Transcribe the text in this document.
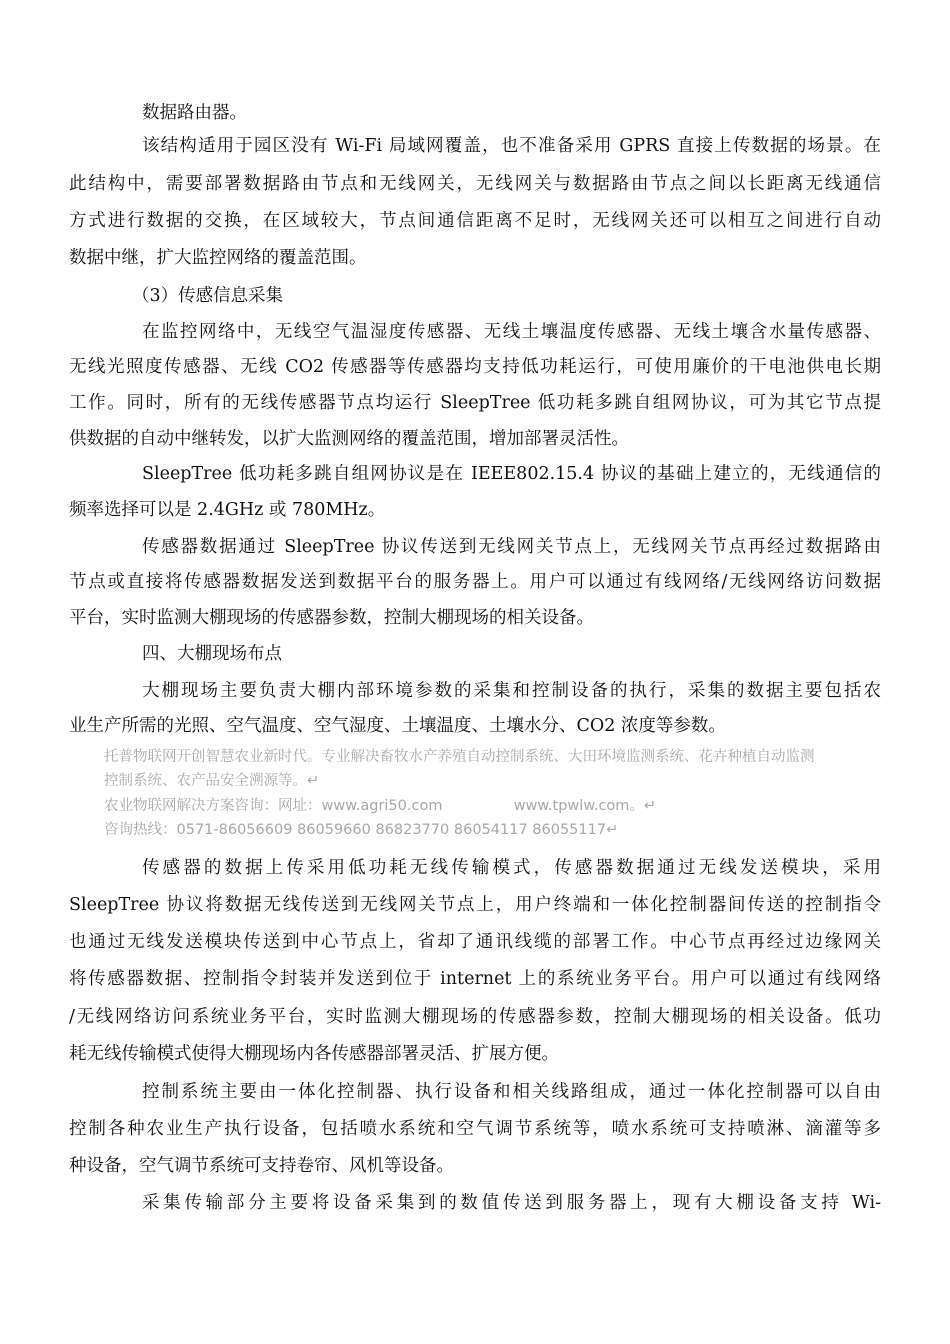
数据路由器。
该结构适用于园区没有 Wi-Fi 局域网覆盖，也不准备采用 GPRS 直接上传数据的场景。在
此结构中，需要部署数据路由节点和无线网关，无线网关与数据路由节点之间以长距离无线通信
方式进行数据的交换，在区域较大，节点间通信距离不足时，无线网关还可以相互之间进行自动
数据中继，扩大监控网络的覆盖范围。
（3）传感信息采集
在监控网络中，无线空气温湿度传感器、无线土壤温度传感器、无线土壤含水量传感器、
无线光照度传感器、无线 CO2 传感器等传感器均支持低功耗运行，可使用廉价的干电池供电长期
工作。同时，所有的无线传感器节点均运行 SleepTree 低功耗多跳自组网协议，可为其它节点提
供数据的自动中继转发，以扩大监测网络的覆盖范围，增加部署灵活性。
SleepTree 低功耗多跳自组网协议是在 IEEE802.15.4 协议的基础上建立的，无线通信的
频率选择可以是 2.4GHz 或 780MHz。
传感器数据通过 SleepTree 协议传送到无线网关节点上，无线网关节点再经过数据路由
节点或直接将传感器数据发送到数据平台的服务器上。用户可以通过有线网络/无线网络访问数据
平台，实时监测大棚现场的传感器参数，控制大棚现场的相关设备。
四、大棚现场布点
大棚现场主要负责大棚内部环境参数的采集和控制设备的执行，采集的数据主要包括农
业生产所需的光照、空气温度、空气湿度、土壤温度、土壤水分、CO2 浓度等参数。
托普物联网开创智慧农业新时代。专业解决畜牧水产养殖自动控制系统、大田环境监测系统、花卉种植自动监测
控制系统、农产品安全溯源等。↵
农业物联网解决方案咨询：网址：www.agri50.com	www.tpwlw.com。↵
咨询热线：0571-86056609 86059660 86823770 86054117 86055117↵
传感器的数据上传采用低功耗无线传输模式，传感器数据通过无线发送模块，采用
SleepTree 协议将数据无线传送到无线网关节点上，用户终端和一体化控制器间传送的控制指令
也通过无线发送模块传送到中心节点上，省却了通讯线缆的部署工作。中心节点再经过边缘网关
将传感器数据、控制指令封装并发送到位于 internet 上的系统业务平台。用户可以通过有线网络
/无线网络访问系统业务平台，实时监测大棚现场的传感器参数，控制大棚现场的相关设备。低功
耗无线传输模式使得大棚现场内各传感器部署灵活、扩展方便。
控制系统主要由一体化控制器、执行设备和相关线路组成，通过一体化控制器可以自由
控制各种农业生产执行设备，包括喷水系统和空气调节系统等，喷水系统可支持喷淋、滴灌等多
种设备，空气调节系统可支持卷帘、风机等设备。
采集传输部分主要将设备采集到的数值传送到服务器上，现有大棚设备支持 Wi-
